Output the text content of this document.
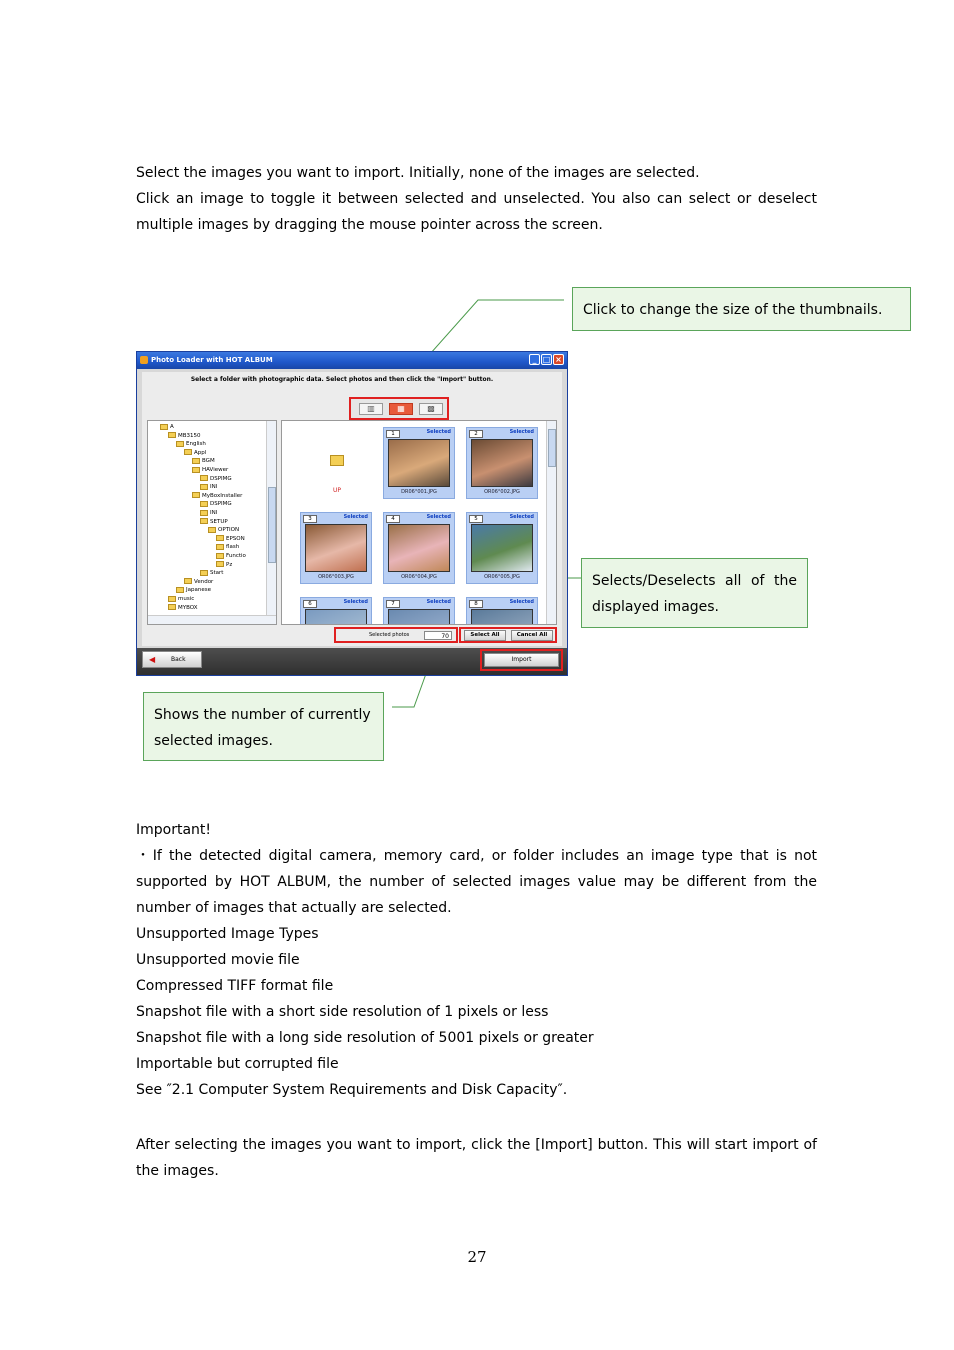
Select the images you want to import. Initially, none of the images are selected.
Click an image to toggle it between selected and unselected. You also can select or deselect
multiple images by dragging the mouse pointer across the screen.
Click to change the size of the thumbnails.
Selects/Deselects all of the
displayed images.
Shows the number of currently
selected images.
Photo Loader with HOT ALBUM	_ □ ×
Select a folder with photographic data. Select photos and then click the "Import" button.
▥	▦	▩
A
MB3150
English
Appl
BGM
HAViewer
DSPIMG
INI
MyBoxInstaller
DSPIMG
INI
SETUP
OPTION
EPSON
flash
Functio
Pz
Start
Vendor
Japanese
music
MYBOX
UP
1	Selected
DR06°001.JPG
2	Selected
OR06°002.JPG
3	Selected
OR06°003.JPG
4	Selected
OR06°004.JPG
5	Selected
OR06°005.JPG
6	Selected	7	Selected	8	Selected
Selected photos	70	Select All	Cancel All
◀	Back	Import
Important!
・If the detected digital camera, memory card, or folder includes an image type that is not
supported by HOT ALBUM, the number of selected images value may be different from the
number of images that actually are selected.
Unsupported Image Types
Unsupported movie file
Compressed TIFF format file
Snapshot file with a short side resolution of 1 pixels or less
Snapshot file with a long side resolution of 5001 pixels or greater
Importable but corrupted file
See ″2.1 Computer System Requirements and Disk Capacity″.
After selecting the images you want to import, click the [Import] button. This will start import of
the images.
27
